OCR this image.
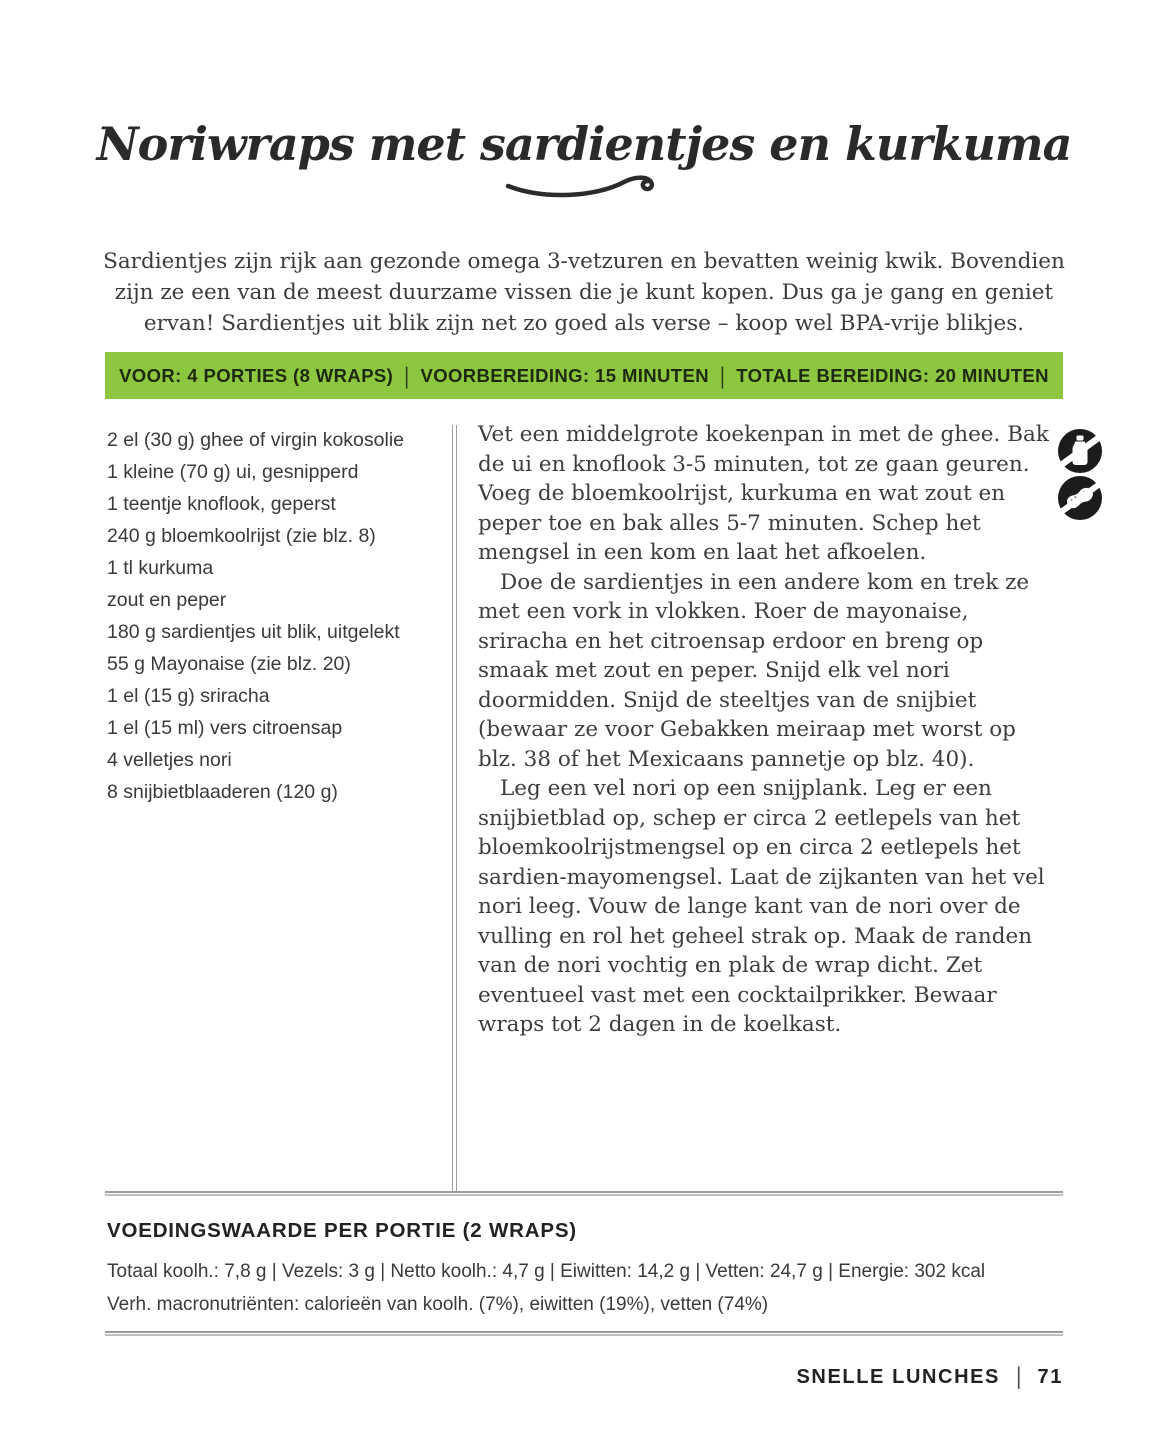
Noriwraps met sardientjes en kurkuma

Sardientjes zijn rijk aan gezonde omega 3-vetzuren en bevatten weinig kwik. Bovendien zijn ze een van de meest duurzame vissen die je kunt kopen. Dus ga je gang en geniet ervan! Sardientjes uit blik zijn net zo goed als verse – koop wel BPA-vrije blikjes.

VOOR: 4 PORTIES (8 WRAPS) | VOORBEREIDING: 15 MINUTEN | TOTALE BEREIDING: 20 MINUTEN
2 el (30 g) ghee of virgin kokosolie
1 kleine (70 g) ui, gesnipperd
1 teentje knoflook, geperst
240 g bloemkoolrijst (zie blz. 8)
1 tl kurkuma
zout en peper
180 g sardientjes uit blik, uitgelekt
55 g Mayonaise (zie blz. 20)
1 el (15 g) sriracha
1 el (15 ml) vers citroensap
4 velletjes nori
8 snijbietblaaderen (120 g)

Vet een middelgrote koekenpan in met de ghee. Bak de ui en knoflook 3-5 minuten, tot ze gaan geuren. Voeg de bloemkoolrijst, kurkuma en wat zout en peper toe en bak alles 5-7 minuten. Schep het mengsel in een kom en laat het afkoelen.

Doe de sardientjes in een andere kom en trek ze met een vork in vlokken. Roer de mayonaise, sriracha en het citroensap erdoor en breng op smaak met zout en peper. Snijd elk vel nori doormidden. Snijd de steeltjes van de snijbiet (bewaar ze voor Gebakken meiraap met worst op blz. 38 of het Mexicaans pannetje op blz. 40).

Leg een vel nori op een snijplank. Leg er een snijbietblad op, schep er circa 2 eetlepels van het bloemkoolrijstmengsel op en circa 2 eetlepels het sardien-mayomengsel. Laat de zijkanten van het vel nori leeg. Vouw de lange kant van de nori over de vulling en rol het geheel strak op. Maak de randen van de nori vochtig en plak de wrap dicht. Zet eventueel vast met een cocktailprikker. Bewaar wraps tot 2 dagen in de koelkast.

VOEDINGSWAARDE PER PORTIE (2 WRAPS)

Totaal koolh.: 7,8 g | Vezels: 3 g | Netto koolh.: 4,7 g | Eiwitten: 14,2 g | Vetten: 24,7 g | Energie: 302 kcal

Verh. macronutriënten: calorieën van koolh. (7%), eiwitten (19%), vetten (74%)

SNELLE LUNCHES | 71
